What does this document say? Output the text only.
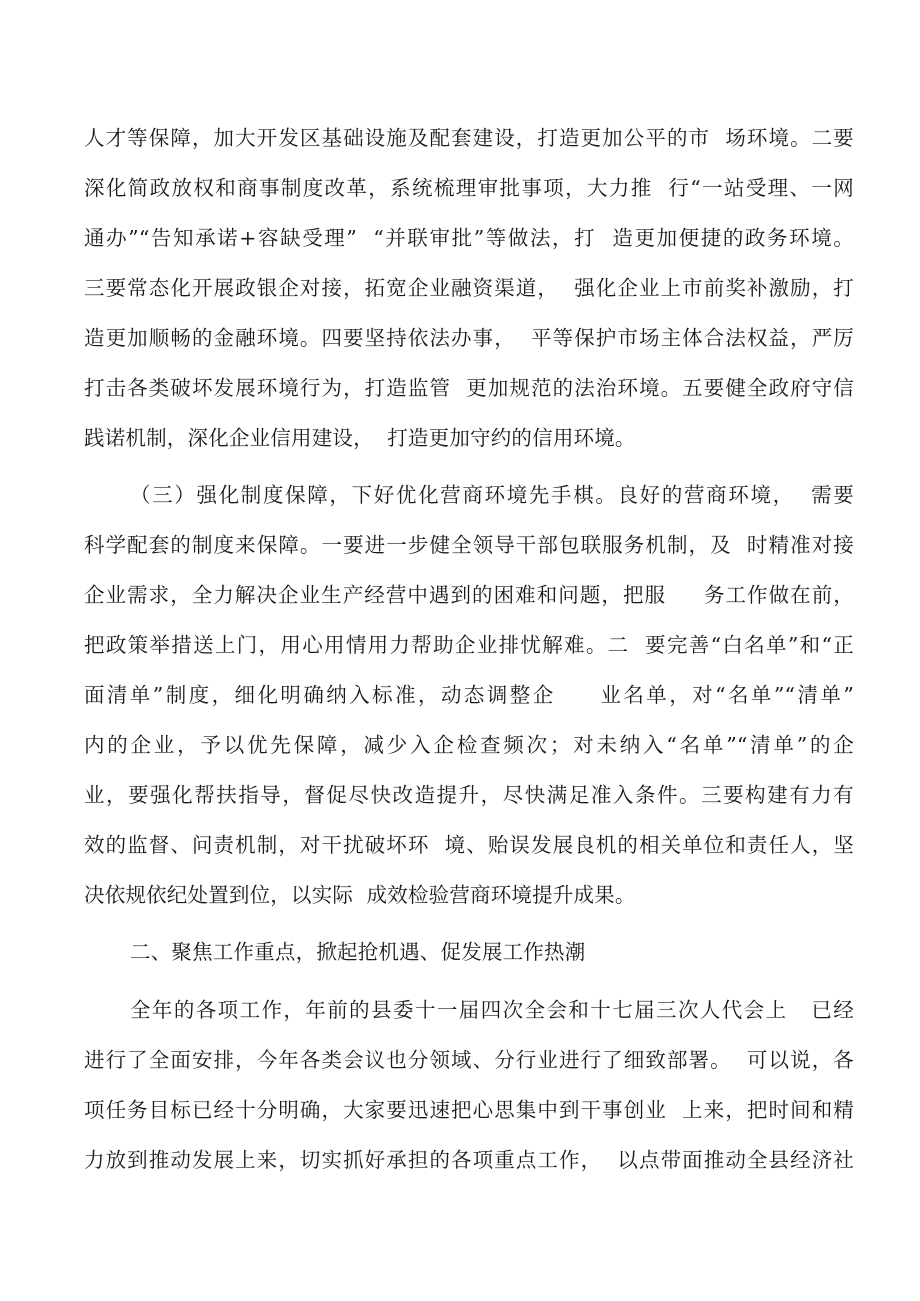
人才等保障，加大开发区基础设施及配套建设，打造更加公平的市  场环境。二要
深化简政放权和商事制度改革，系统梳理审批事项，大力推  行“一站受理、一网
通办”“告知承诺+容缺受理”  “并联审批”等做法，打  造更加便捷的政务环境。
三要常态化开展政银企对接，拓宽企业融资渠道，  强化企业上市前奖补激励，打
造更加顺畅的金融环境。四要坚持依法办事，  平等保护市场主体合法权益，严厉
打击各类破坏发展环境行为，打造监管  更加规范的法治环境。五要健全政府守信
践诺机制，深化企业信用建设，  打造更加守约的信用环境。
（三）强化制度保障，下好优化营商环境先手棋。良好的营商环境，  需要
科学配套的制度来保障。一要进一步健全领导干部包联服务机制，及  时精准对接
企业需求，全力解决企业生产经营中遇到的困难和问题，把服     务工作做在前，
把政策举措送上门，用心用情用力帮助企业排忧解难。二  要完善“白名单”和“正
面清单”制度，细化明确纳入标准，动态调整企     业名单，对“名单”“清单”
内的企业，予以优先保障，减少入企检查频次；对未纳入“名单”“清单”的企
业，要强化帮扶指导，督促尽快改造提升，尽快满足准入条件。三要构建有力有
效的监督、问责机制，对干扰破坏环  境、贻误发展良机的相关单位和责任人，坚
决依规依纪处置到位，以实际  成效检验营商环境提升成果。
二、聚焦工作重点，掀起抢机遇、促发展工作热潮
全年的各项工作，年前的县委十一届四次全会和十七届三次人代会上   已经
进行了全面安排，今年各类会议也分领域、分行业进行了细致部署。  可以说，各
项任务目标已经十分明确，大家要迅速把心思集中到干事创业  上来，把时间和精
力放到推动发展上来，切实抓好承担的各项重点工作，  以点带面推动全县经济社
